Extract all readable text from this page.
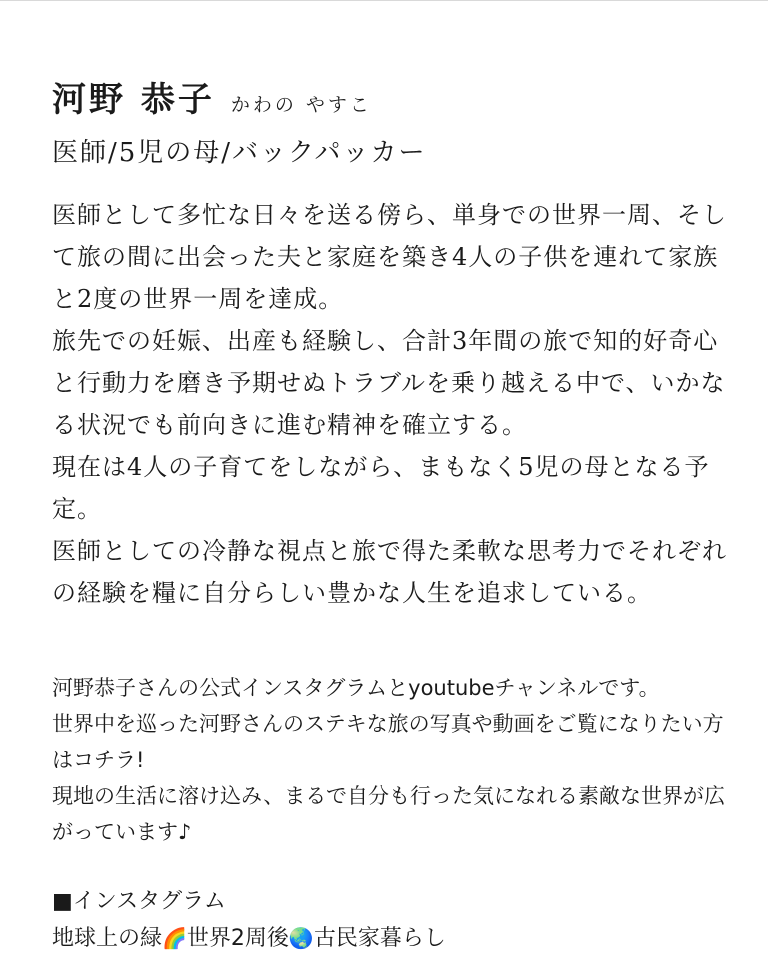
河野 恭子 かわの やすこ
医師/5児の母/バックパッカー

医師として多忙な日々を送る傍ら、単身での世界一周、そして旅の間に出会った夫と家庭を築き4人の子供を連れて家族と2度の世界一周を達成。

旅先での妊娠、出産も経験し、合計3年間の旅で知的好奇心と行動力を磨き予期せぬトラブルを乗り越える中で、いかなる状況でも前向きに進む精神を確立する。

現在は4人の子育てをしながら、まもなく5児の母となる予定。

医師としての冷静な視点と旅で得た柔軟な思考力でそれぞれの経験を糧に自分らしい豊かな人生を追求している。

河野恭子さんの公式インスタグラムとyoutubeチャンネルです。

世界中を巡った河野さんのステキな旅の写真や動画をご覧になりたい方はコチラ!

現地の生活に溶け込み、まるで自分も行った気になれる素敵な世界が広がっています♪

■インスタグラム
地球上の緑🌈世界2周後🌏古民家暮らし
